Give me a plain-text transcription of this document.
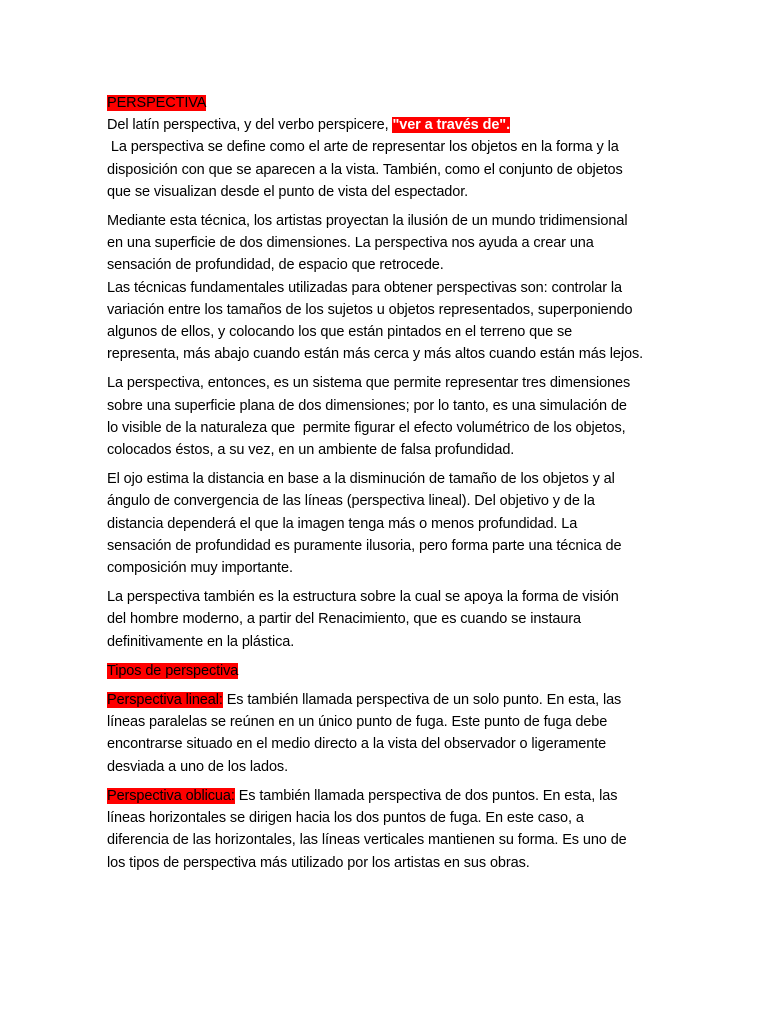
PERSPECTIVA
Del latín perspectiva, y del verbo perspicere, "ver a través de".
La perspectiva se define como el arte de representar los objetos en la forma y la
disposición con que se aparecen a la vista. También, como el conjunto de objetos
que se visualizan desde el punto de vista del espectador.
Mediante esta técnica, los artistas proyectan la ilusión de un mundo tridimensional
en una superficie de dos dimensiones. La perspectiva nos ayuda a crear una
sensación de profundidad, de espacio que retrocede.
Las técnicas fundamentales utilizadas para obtener perspectivas son: controlar la
variación entre los tamaños de los sujetos u objetos representados, superponiendo
algunos de ellos, y colocando los que están pintados en el terreno que se
representa, más abajo cuando están más cerca y más altos cuando están más lejos.
La perspectiva, entonces, es un sistema que permite representar tres dimensiones
sobre una superficie plana de dos dimensiones; por lo tanto, es una simulación de
lo visible de la naturaleza que  permite figurar el efecto volumétrico de los objetos,
colocados éstos, a su vez, en un ambiente de falsa profundidad.
El ojo estima la distancia en base a la disminución de tamaño de los objetos y al
ángulo de convergencia de las líneas (perspectiva lineal). Del objetivo y de la
distancia dependerá el que la imagen tenga más o menos profundidad. La
sensación de profundidad es puramente ilusoria, pero forma parte una técnica de
composición muy importante.
La perspectiva también es la estructura sobre la cual se apoya la forma de visión
del hombre moderno, a partir del Renacimiento, que es cuando se instaura
definitivamente en la plástica.
Tipos de perspectiva
Perspectiva lineal: Es también llamada perspectiva de un solo punto. En esta, las
líneas paralelas se reúnen en un único punto de fuga. Este punto de fuga debe
encontrarse situado en el medio directo a la vista del observador o ligeramente
desviada a uno de los lados.
Perspectiva oblicua: Es también llamada perspectiva de dos puntos. En esta, las
líneas horizontales se dirigen hacia los dos puntos de fuga. En este caso, a
diferencia de las horizontales, las líneas verticales mantienen su forma. Es uno de
los tipos de perspectiva más utilizado por los artistas en sus obras.
